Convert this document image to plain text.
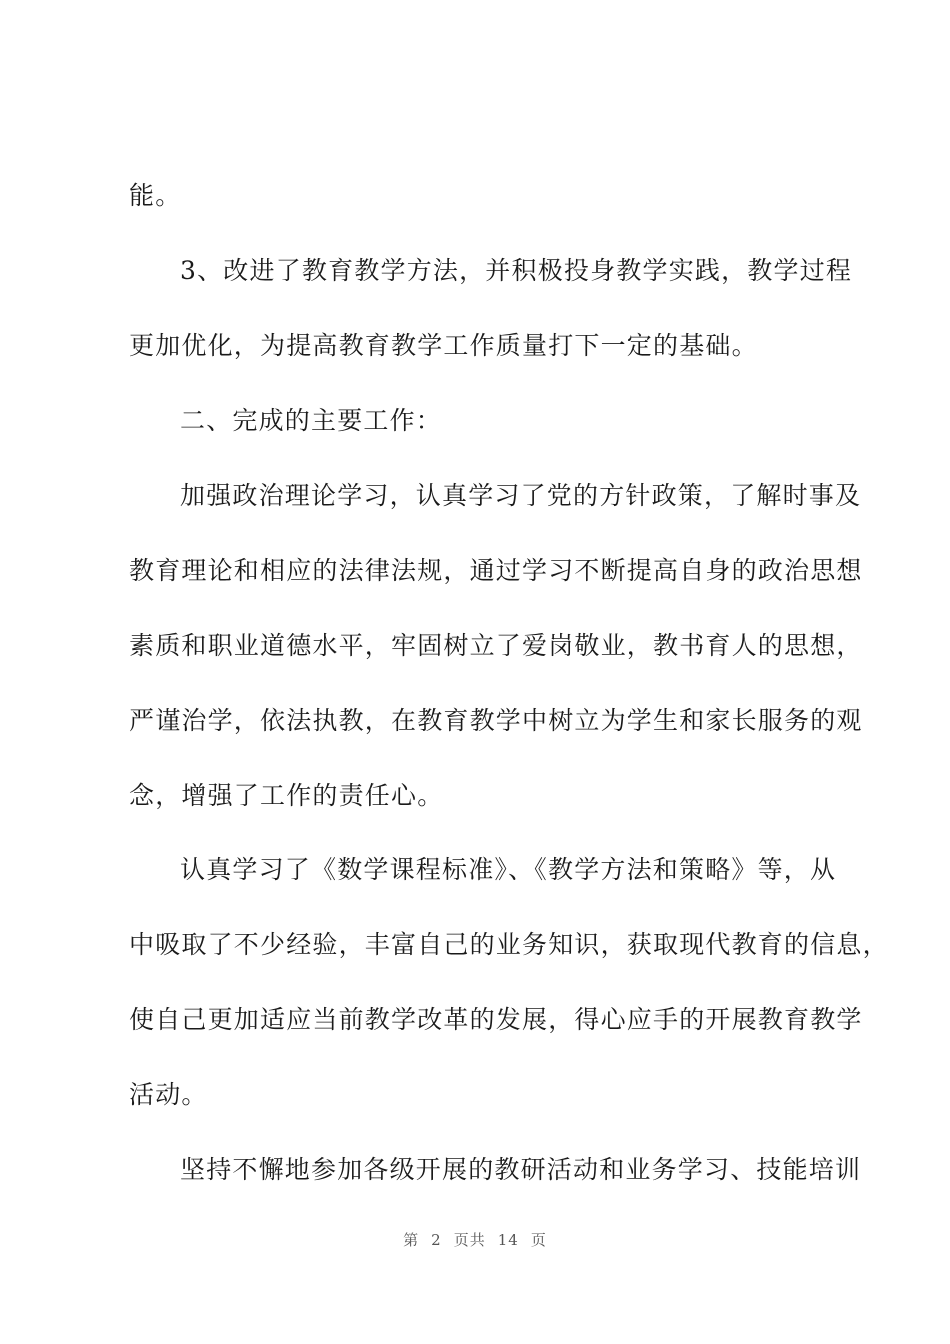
能。
3、改进了教育教学方法，并积极投身教学实践，教学过程
更加优化，为提高教育教学工作质量打下一定的基础。
二、完成的主要工作：
加强政治理论学习，认真学习了党的方针政策，了解时事及
教育理论和相应的法律法规，通过学习不断提高自身的政治思想
素质和职业道德水平，牢固树立了爱岗敬业，教书育人的思想，
严谨治学，依法执教，在教育教学中树立为学生和家长服务的观
念，增强了工作的责任心。
认真学习了《数学课程标准》、《教学方法和策略》等，从
中吸取了不少经验，丰富自己的业务知识，获取现代教育的信息，
使自己更加适应当前教学改革的发展，得心应手的开展教育教学
活动。
坚持不懈地参加各级开展的教研活动和业务学习、技能培训
第 2 页共 14 页
